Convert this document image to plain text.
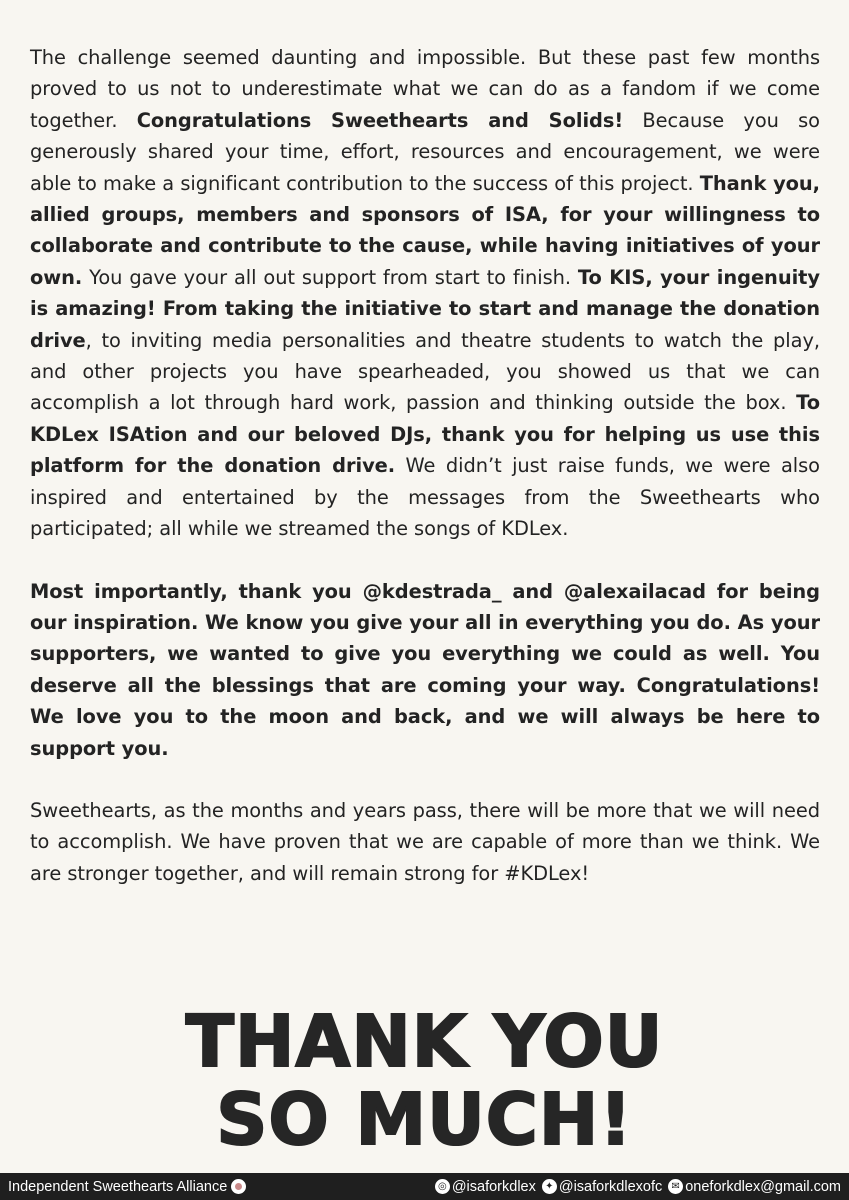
The challenge seemed daunting and impossible. But these past few months proved to us not to underestimate what we can do as a fandom if we come together. Congratulations Sweethearts and Solids! Because you so generously shared your time, effort, resources and encouragement, we were able to make a significant contribution to the success of this project. Thank you, allied groups, members and sponsors of ISA, for your willingness to collaborate and contribute to the cause, while having initiatives of your own. You gave your all out support from start to finish. To KIS, your ingenuity is amazing! From taking the initiative to start and manage the donation drive, to inviting media personalities and theatre students to watch the play, and other projects you have spearheaded, you showed us that we can accomplish a lot through hard work, passion and thinking outside the box. To KDLex ISAtion and our beloved DJs, thank you for helping us use this platform for the donation drive. We didn’t just raise funds, we were also inspired and entertained by the messages from the Sweethearts who participated; all while we streamed the songs of KDLex.

Most importantly, thank you @kdestrada_ and @alexailacad for being our inspiration. We know you give your all in everything you do. As your supporters, we wanted to give you everything we could as well. You deserve all the blessings that are coming your way. Congratulations! We love you to the moon and back, and we will always be here to support you.

Sweethearts, as the months and years pass, there will be more that we will need to accomplish. We have proven that we are capable of more than we think. We are stronger together, and will remain strong for #KDLex!

THANK YOU
SO MUCH!
Independent Sweethearts Alliance	◎ @isaforkdlex ✦ @isaforkdlexofc ✉ oneforkdlex@gmail.com
